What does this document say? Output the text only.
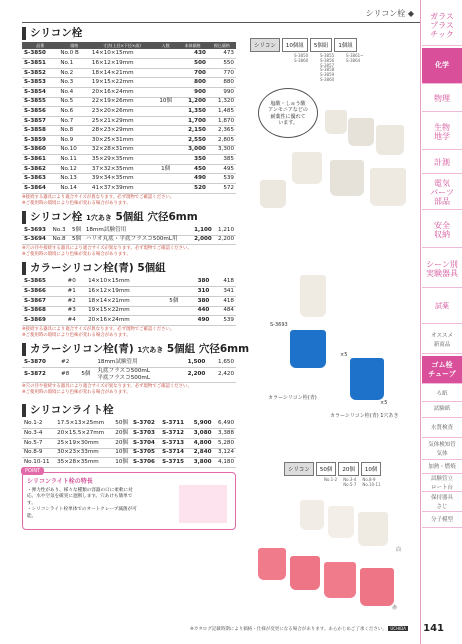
シリコン栓 ◆
シリコン栓
品番	規格	寸法(上径×下径×高)	入数	本体価格	税込価格
S-3850	No.0 B	14×10×15mm		430	473
S-3851	No.1	16×12×19mm		500	550
S-3852	No.2	18×14×21mm		700	770
S-3853	No.3	19×15×22mm		800	880
S-3854	No.4	20×16×24mm		900	990
S-3855	No.5	22×19×26mm	10個	1,200	1,320
S-3856	No.6	23×20×26mm		1,350	1,485
S-3857	No.7	25×21×29mm		1,700	1,870
S-3858	No.8	28×23×29mm		2,150	2,365
S-3859	No.9	30×25×31mm		2,550	2,805
S-3860	No.10	32×28×31mm		3,000	3,300
S-3861	No.11	35×29×35mm		350	385
S-3862	No.12	37×32×35mm	1個	450	495
S-3863	No.13	39×34×35mm		490	539
S-3864	No.14	41×37×39mm		520	572
※接続する器具により適合サイズが異なります。必ず現物でご確認ください。
※ご使用時の環境により色味が変わる場合があります。
シリコン栓 1穴あき 5個組 穴径6mm
S-3693	No.3	5個	18mm試験管用	1,100	1,210
S-3694	No.8	5個	ハリオ丸底・平底フラスコ500mL用	2,000	2,200
※穴の径や接続する器具により適合サイズが異なります。必ず現物でご確認ください。
※ご使用時の環境により色味が変わる場合があります。
カラーシリコン栓(青) 5個組
S-3865	#0	14×10×15mm		380	418
S-3866	#1	16×12×19mm		310	341
S-3867	#2	18×14×21mm	5個	380	418
S-3868	#3	19×15×22mm		440	484
S-3869	#4	20×16×24mm		490	539
※接続する器具により適合サイズが異なります。必ず現物でご確認ください。
※ご使用時の環境により色味が変わる場合があります。
カラーシリコン栓(青) 1穴あき 5個組 穴径6mm
S-3870	#2		18mm試験管用	1,500	1,650
S-3872	#8	5個	丸底フラスコ500mL
平底フラスコ500mL	2,200	2,420
※穴の径や接続する器具により適合サイズが異なります。必ず現物でご確認ください。
※ご使用時の環境により色味が変わる場合があります。
シリコンライト栓
No.1-2	17.5×13×25mm	50個	S-3702	S-3711	5,900	6,490
No.3-4	20×15.5×27mm	20個	S-3703	S-3712	3,080	3,388
No.5-7	25×19×30mm	20個	S-3704	S-3713	4,800	5,280
No.8-9	30×23×33mm	10個	S-3705	S-3714	2,840	3,124
No.10-11	35×28×35mm	10個	S-3706	S-3715	3,800	4,180
POINT
シリコンライト栓の特長
・弾力性があり、様々な種類の容器の口に柔軟に対応。水や空気を確実に遮断します。穴あけも簡単です。
・シリコンライト栓単体でのオートクレーブ滅菌が可能。
シリコン	10個組	5個組	1個組
S-3850
S-3860
S-3855
S-3856
S-3857
S-3858
S-3859
S-3860
S-3861~
S-3864
塩酸・しゅう酸
アンモニアなどの
耐薬性に優れて
います。
S-3693
×5
カラーシリコン栓(青)
×5
カラーシリコン栓(青) 1穴あき
シリコン	50個	20個	10個
No.1-2 No.3-4
No.5-7
No.8-9
No.10-11
白
赤
ガラス
プラス
チック
化学
物理
生物
地学
計測
電気
パーツ
部品
安全
収納
シーン別
実験器具
試薬
オススメ
新商品
ゴム栓
チューブ
ろ紙
試験紙
水質検査
気体検知管
気体
加熱・燃焼
試験管立
ロート台
保持器具
さじ
分子模型
※カタログ記載時期により価格・仕様が変更になる場合があります。あらかじめご了承ください。 UCHIDA 141
